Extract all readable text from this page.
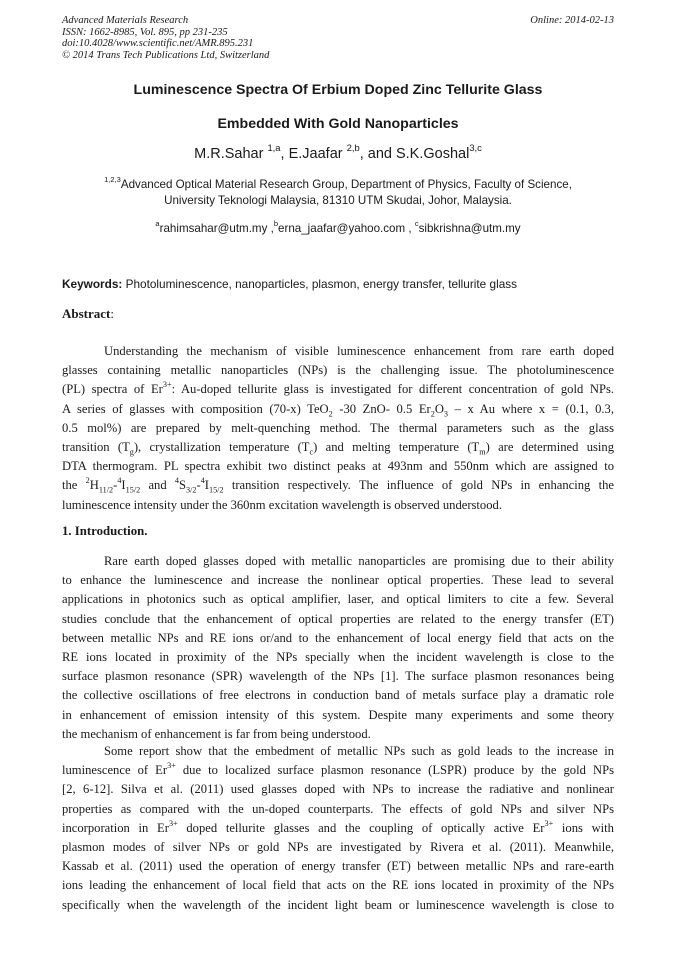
Advanced Materials Research
ISSN: 1662-8985, Vol. 895, pp 231-235
doi:10.4028/www.scientific.net/AMR.895.231
© 2014 Trans Tech Publications Ltd, Switzerland
Online: 2014-02-13
Luminescence Spectra Of Erbium Doped Zinc Tellurite Glass
Embedded With Gold Nanoparticles
M.R.Sahar $^{1,a}$, E.Jaafar $^{2,b}$, and S.K.Goshal$^{3,c}$
$^{1,2,3}$Advanced Optical Material Research Group, Department of Physics, Faculty of Science,
University Teknologi Malaysia, 81310 UTM Skudai, Johor, Malaysia.
$^a$rahimsahar@utm.my ,$^b$erna_jaafar@yahoo.com , $^c$sibkrishna@utm.my
Keywords: Photoluminescence, nanoparticles, plasmon, energy transfer, tellurite glass
Abstract:
Understanding the mechanism of visible luminescence enhancement from rare earth doped
glasses containing metallic nanoparticles (NPs) is the challenging issue. The photoluminescence
(PL) spectra of $Er^{3+}$: Au-doped tellurite glass is investigated for different concentration of gold NPs.
A series of glasses with composition (70-x) TeO$_2$ -30 ZnO- 0.5 $Er_2O_3$ – x Au where x = (0.1, 0.3,
0.5 mol%) are prepared by melt-quenching method. The thermal parameters such as the glass
transition $(T_g)$, crystallization temperature $(T_c)$ and melting temperature $(T_m)$ are determined using
DTA thermogram. PL spectra exhibit two distinct peaks at 493nm and 550nm which are assigned to
the $^2H_{11/2}-^4I_{15/2}$ and $^4S_{3/2}-^4I_{15/2}$ transition respectively. The influence of gold NPs in enhancing the
luminescence intensity under the 360nm excitation wavelength is observed understood.
1. Introduction.
Rare earth doped glasses doped with metallic nanoparticles are promising due to their ability
to enhance the luminescence and increase the nonlinear optical properties. These lead to several
applications in photonics such as optical amplifier, laser, and optical limiters to cite a few. Several
studies conclude that the enhancement of optical properties are related to the energy transfer (ET)
between metallic NPs and RE ions or/and to the enhancement of local energy field that acts on the
RE ions located in proximity of the NPs specially when the incident wavelength is close to the
surface plasmon resonance (SPR) wavelength of the NPs [1]. The surface plasmon resonances being
the collective oscillations of free electrons in conduction band of metals surface play a dramatic role
in enhancement of emission intensity of this system. Despite many experiments and some theory
the mechanism of enhancement is far from being understood.
Some report show that the embedment of metallic NPs such as gold leads to the increase in
luminescence of $Er^{3+}$ due to localized surface plasmon resonance (LSPR) produce by the gold NPs
[2, 6-12]. Silva et al. (2011) used glasses doped with NPs to increase the radiative and nonlinear
properties as compared with the un-doped counterparts. The effects of gold NPs and silver NPs
incorporation in $Er^{3+}$ doped tellurite glasses and the coupling of optically active $Er^{3+}$ ions with
plasmon modes of silver NPs or gold NPs are investigated by Rivera et al. (2011). Meanwhile,
Kassab et al. (2011) used the operation of energy transfer (ET) between metallic NPs and rare-earth
ions leading the enhancement of local field that acts on the RE ions located in proximity of the NPs
specifically when the wavelength of the incident light beam or luminescence wavelength is close to
